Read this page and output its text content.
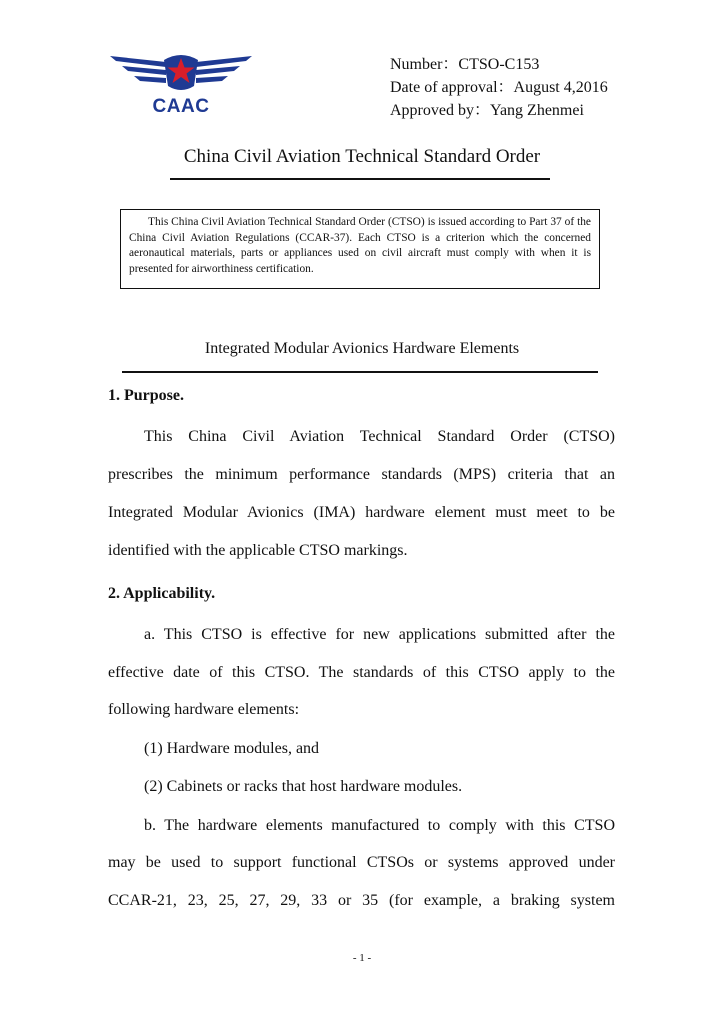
CAAC
Number：CTSO-C153
Date of approval：August 4,2016
Approved by：Yang Zhenmei
China Civil Aviation Technical Standard Order

This China Civil Aviation Technical Standard Order (CTSO) is issued according to Part 37 of the China Civil Aviation Regulations (CCAR-37). Each CTSO is a criterion which the concerned aeronautical materials, parts or appliances used on civil aircraft must comply with when it is presented for airworthiness certification.

Integrated Modular Avionics Hardware Elements
1. Purpose.
This China Civil Aviation Technical Standard Order (CTSO)
prescribes the minimum performance standards (MPS) criteria that an
Integrated Modular Avionics (IMA) hardware element must meet to be
identified with the applicable CTSO markings.
2. Applicability.
a. This CTSO is effective for new applications submitted after the
effective date of this CTSO. The standards of this CTSO apply to the
following hardware elements:
(1) Hardware modules, and
(2) Cabinets or racks that host hardware modules.
b. The hardware elements manufactured to comply with this CTSO
may be used to support functional CTSOs or systems approved under
CCAR-21, 23, 25, 27, 29, 33 or 35 (for example, a braking system
- 1 -
